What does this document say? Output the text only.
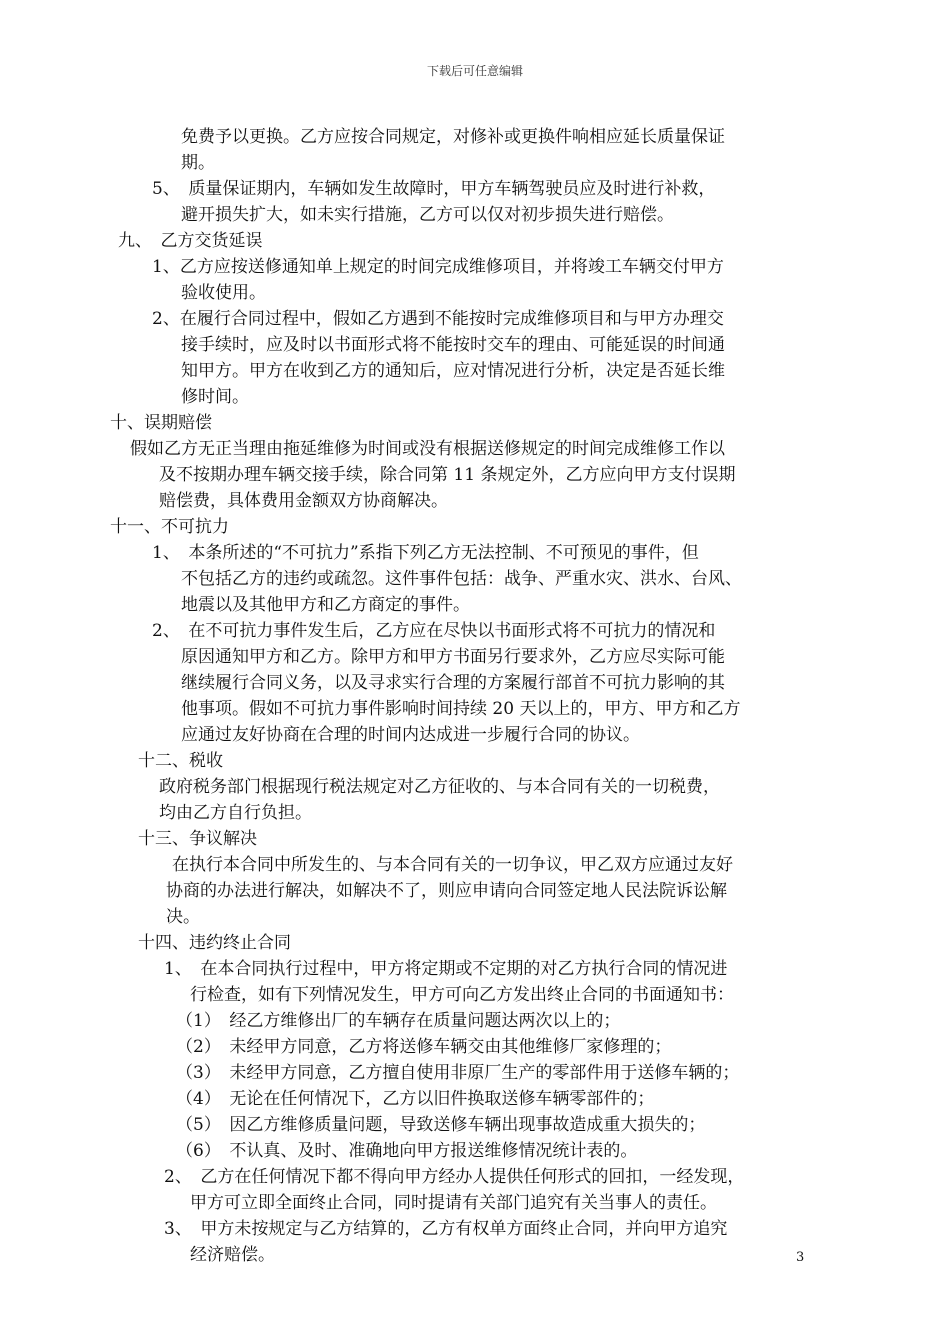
下载后可任意编辑
免费予以更换。乙方应按合同规定，对修补或更换件响相应延长质量保证
期。
5、　质量保证期内，车辆如发生故障时，甲方车辆驾驶员应及时进行补救，
避开损失扩大，如未实行措施，乙方可以仅对初步损失进行赔偿。
九、　乙方交货延误
1、乙方应按送修通知单上规定的时间完成维修项目，并将竣工车辆交付甲方
验收使用。
2、在履行合同过程中，假如乙方遇到不能按时完成维修项目和与甲方办理交
接手续时，应及时以书面形式将不能按时交车的理由、可能延误的时间通
知甲方。甲方在收到乙方的通知后，应对情况进行分析，决定是否延长维
修时间。
十、误期赔偿
假如乙方无正当理由拖延维修为时间或没有根据送修规定的时间完成维修工作以
及不按期办理车辆交接手续，除合同第 11 条规定外，乙方应向甲方支付误期
赔偿费，具体费用金额双方协商解决。
十一、不可抗力
1、　本条所述的“不可抗力”系指下列乙方无法控制、不可预见的事件，但
不包括乙方的违约或疏忽。这件事件包括：战争、严重水灾、洪水、台风、
地震以及其他甲方和乙方商定的事件。
2、　在不可抗力事件发生后，乙方应在尽快以书面形式将不可抗力的情况和
原因通知甲方和乙方。除甲方和甲方书面另行要求外，乙方应尽实际可能
继续履行合同义务，以及寻求实行合理的方案履行部首不可抗力影响的其
他事项。假如不可抗力事件影响时间持续 20 天以上的，甲方、甲方和乙方
应通过友好协商在合理的时间内达成进一步履行合同的协议。
十二、税收
政府税务部门根据现行税法规定对乙方征收的、与本合同有关的一切税费，
均由乙方自行负担。
十三、争议解决
在执行本合同中所发生的、与本合同有关的一切争议，甲乙双方应通过友好
协商的办法进行解决，如解决不了，则应申请向合同签定地人民法院诉讼解
决。
十四、违约终止合同
1、　在本合同执行过程中，甲方将定期或不定期的对乙方执行合同的情况进
行检查，如有下列情况发生，甲方可向乙方发出终止合同的书面通知书：
（1）　经乙方维修出厂的车辆存在质量问题达两次以上的；
（2）　未经甲方同意，乙方将送修车辆交由其他维修厂家修理的；
（3）　未经甲方同意，乙方擅自使用非原厂生产的零部件用于送修车辆的；
（4）　无论在任何情况下，乙方以旧件换取送修车辆零部件的；
（5）　因乙方维修质量问题，导致送修车辆出现事故造成重大损失的；
（6）　不认真、及时、准确地向甲方报送维修情况统计表的。
2、　乙方在任何情况下都不得向甲方经办人提供任何形式的回扣，一经发现，
甲方可立即全面终止合同，同时提请有关部门追究有关当事人的责任。
3、　甲方未按规定与乙方结算的，乙方有权单方面终止合同，并向甲方追究
经济赔偿。	3
